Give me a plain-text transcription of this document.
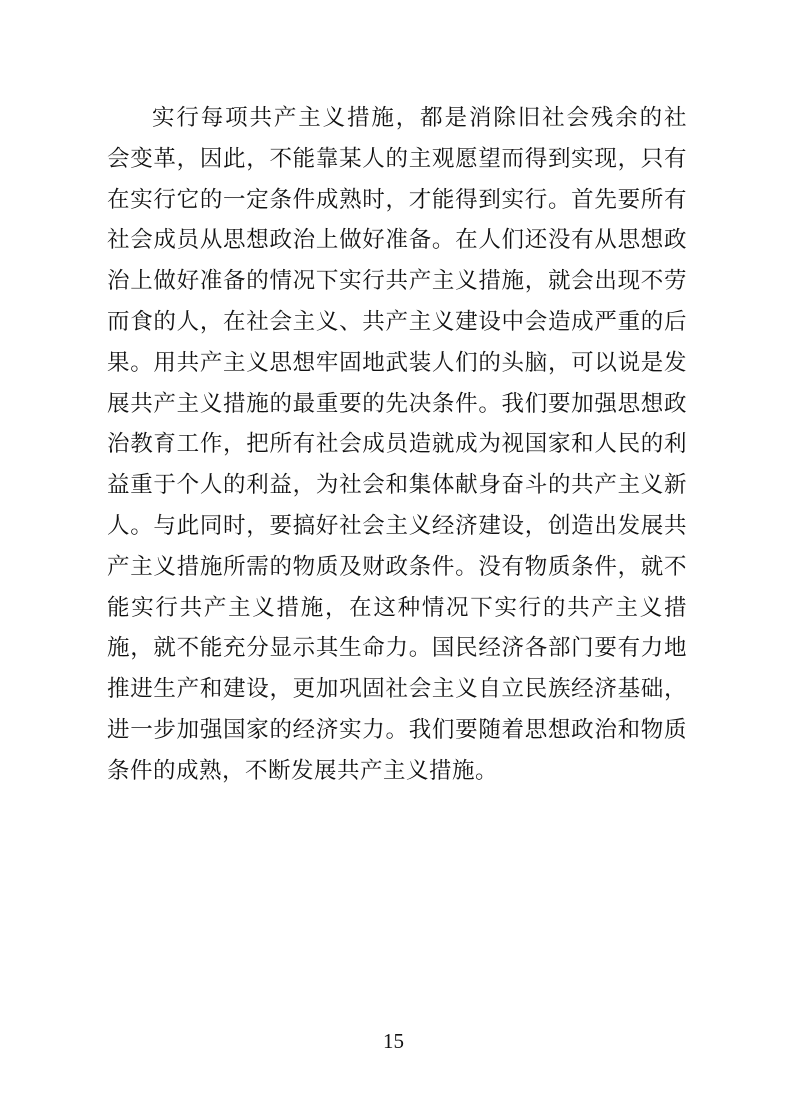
实行每项共产主义措施，都是消除旧社会残余的社
会变革，因此，不能靠某人的主观愿望而得到实现，只有
在实行它的一定条件成熟时，才能得到实行。首先要所有
社会成员从思想政治上做好准备。在人们还没有从思想政
治上做好准备的情况下实行共产主义措施，就会出现不劳
而食的人，在社会主义、共产主义建设中会造成严重的后
果。用共产主义思想牢固地武装人们的头脑，可以说是发
展共产主义措施的最重要的先决条件。我们要加强思想政
治教育工作，把所有社会成员造就成为视国家和人民的利
益重于个人的利益，为社会和集体献身奋斗的共产主义新
人。与此同时，要搞好社会主义经济建设，创造出发展共
产主义措施所需的物质及财政条件。没有物质条件，就不
能实行共产主义措施，在这种情况下实行的共产主义措
施，就不能充分显示其生命力。国民经济各部门要有力地
推进生产和建设，更加巩固社会主义自立民族经济基础，
进一步加强国家的经济实力。我们要随着思想政治和物质
条件的成熟，不断发展共产主义措施。

15
